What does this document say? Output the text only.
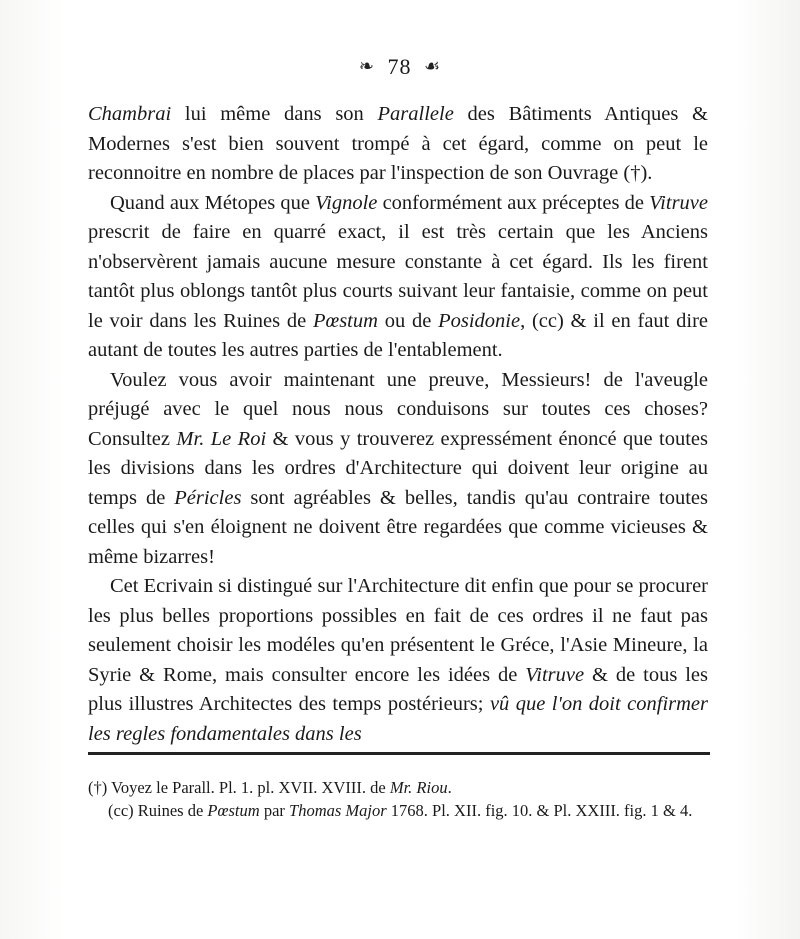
❧ 78 ☙

Chambrai lui même dans son Parallele des Bâtiments Antiques & Modernes s'est bien souvent trompé à cet égard, comme on peut le reconnoitre en nombre de places par l'inspection de son Ouvrage (†).

Quand aux Métopes que Vignole conformément aux préceptes de Vitruve prescrit de faire en quarré exact, il est très certain que les Anciens n'observèrent jamais aucune mesure constante à cet égard. Ils les firent tantôt plus oblongs tantôt plus courts suivant leur fantaisie, comme on peut le voir dans les Ruines de Pœstum ou de Posidonie, (cc) & il en faut dire autant de toutes les autres parties de l'entablement.

Voulez vous avoir maintenant une preuve, Messieurs! de l'aveugle préjugé avec le quel nous nous conduisons sur toutes ces choses? Consultez Mr. Le Roi & vous y trouverez expressément énoncé que toutes les divisions dans les ordres d'Architecture qui doivent leur origine au temps de Péricles sont agréables & belles, tandis qu'au contraire toutes celles qui s'en éloignent ne doivent être regardées que comme vicieuses & même bizarres!

Cet Ecrivain si distingué sur l'Architecture dit enfin que pour se procurer les plus belles proportions possibles en fait de ces ordres il ne faut pas seulement choisir les modéles qu'en présentent le Gréce, l'Asie Mineure, la Syrie & Rome, mais consulter encore les idées de Vitruve & de tous les plus illustres Architectes des temps postérieurs; vû que l'on doit confirmer les regles fondamentales dans les

(†) Voyez le Parall. Pl. 1. pl. XVII. XVIII. de Mr. Riou.

(cc) Ruines de Pœstum par Thomas Major 1768. Pl. XII. fig. 10. & Pl. XXIII. fig. 1 & 4.
